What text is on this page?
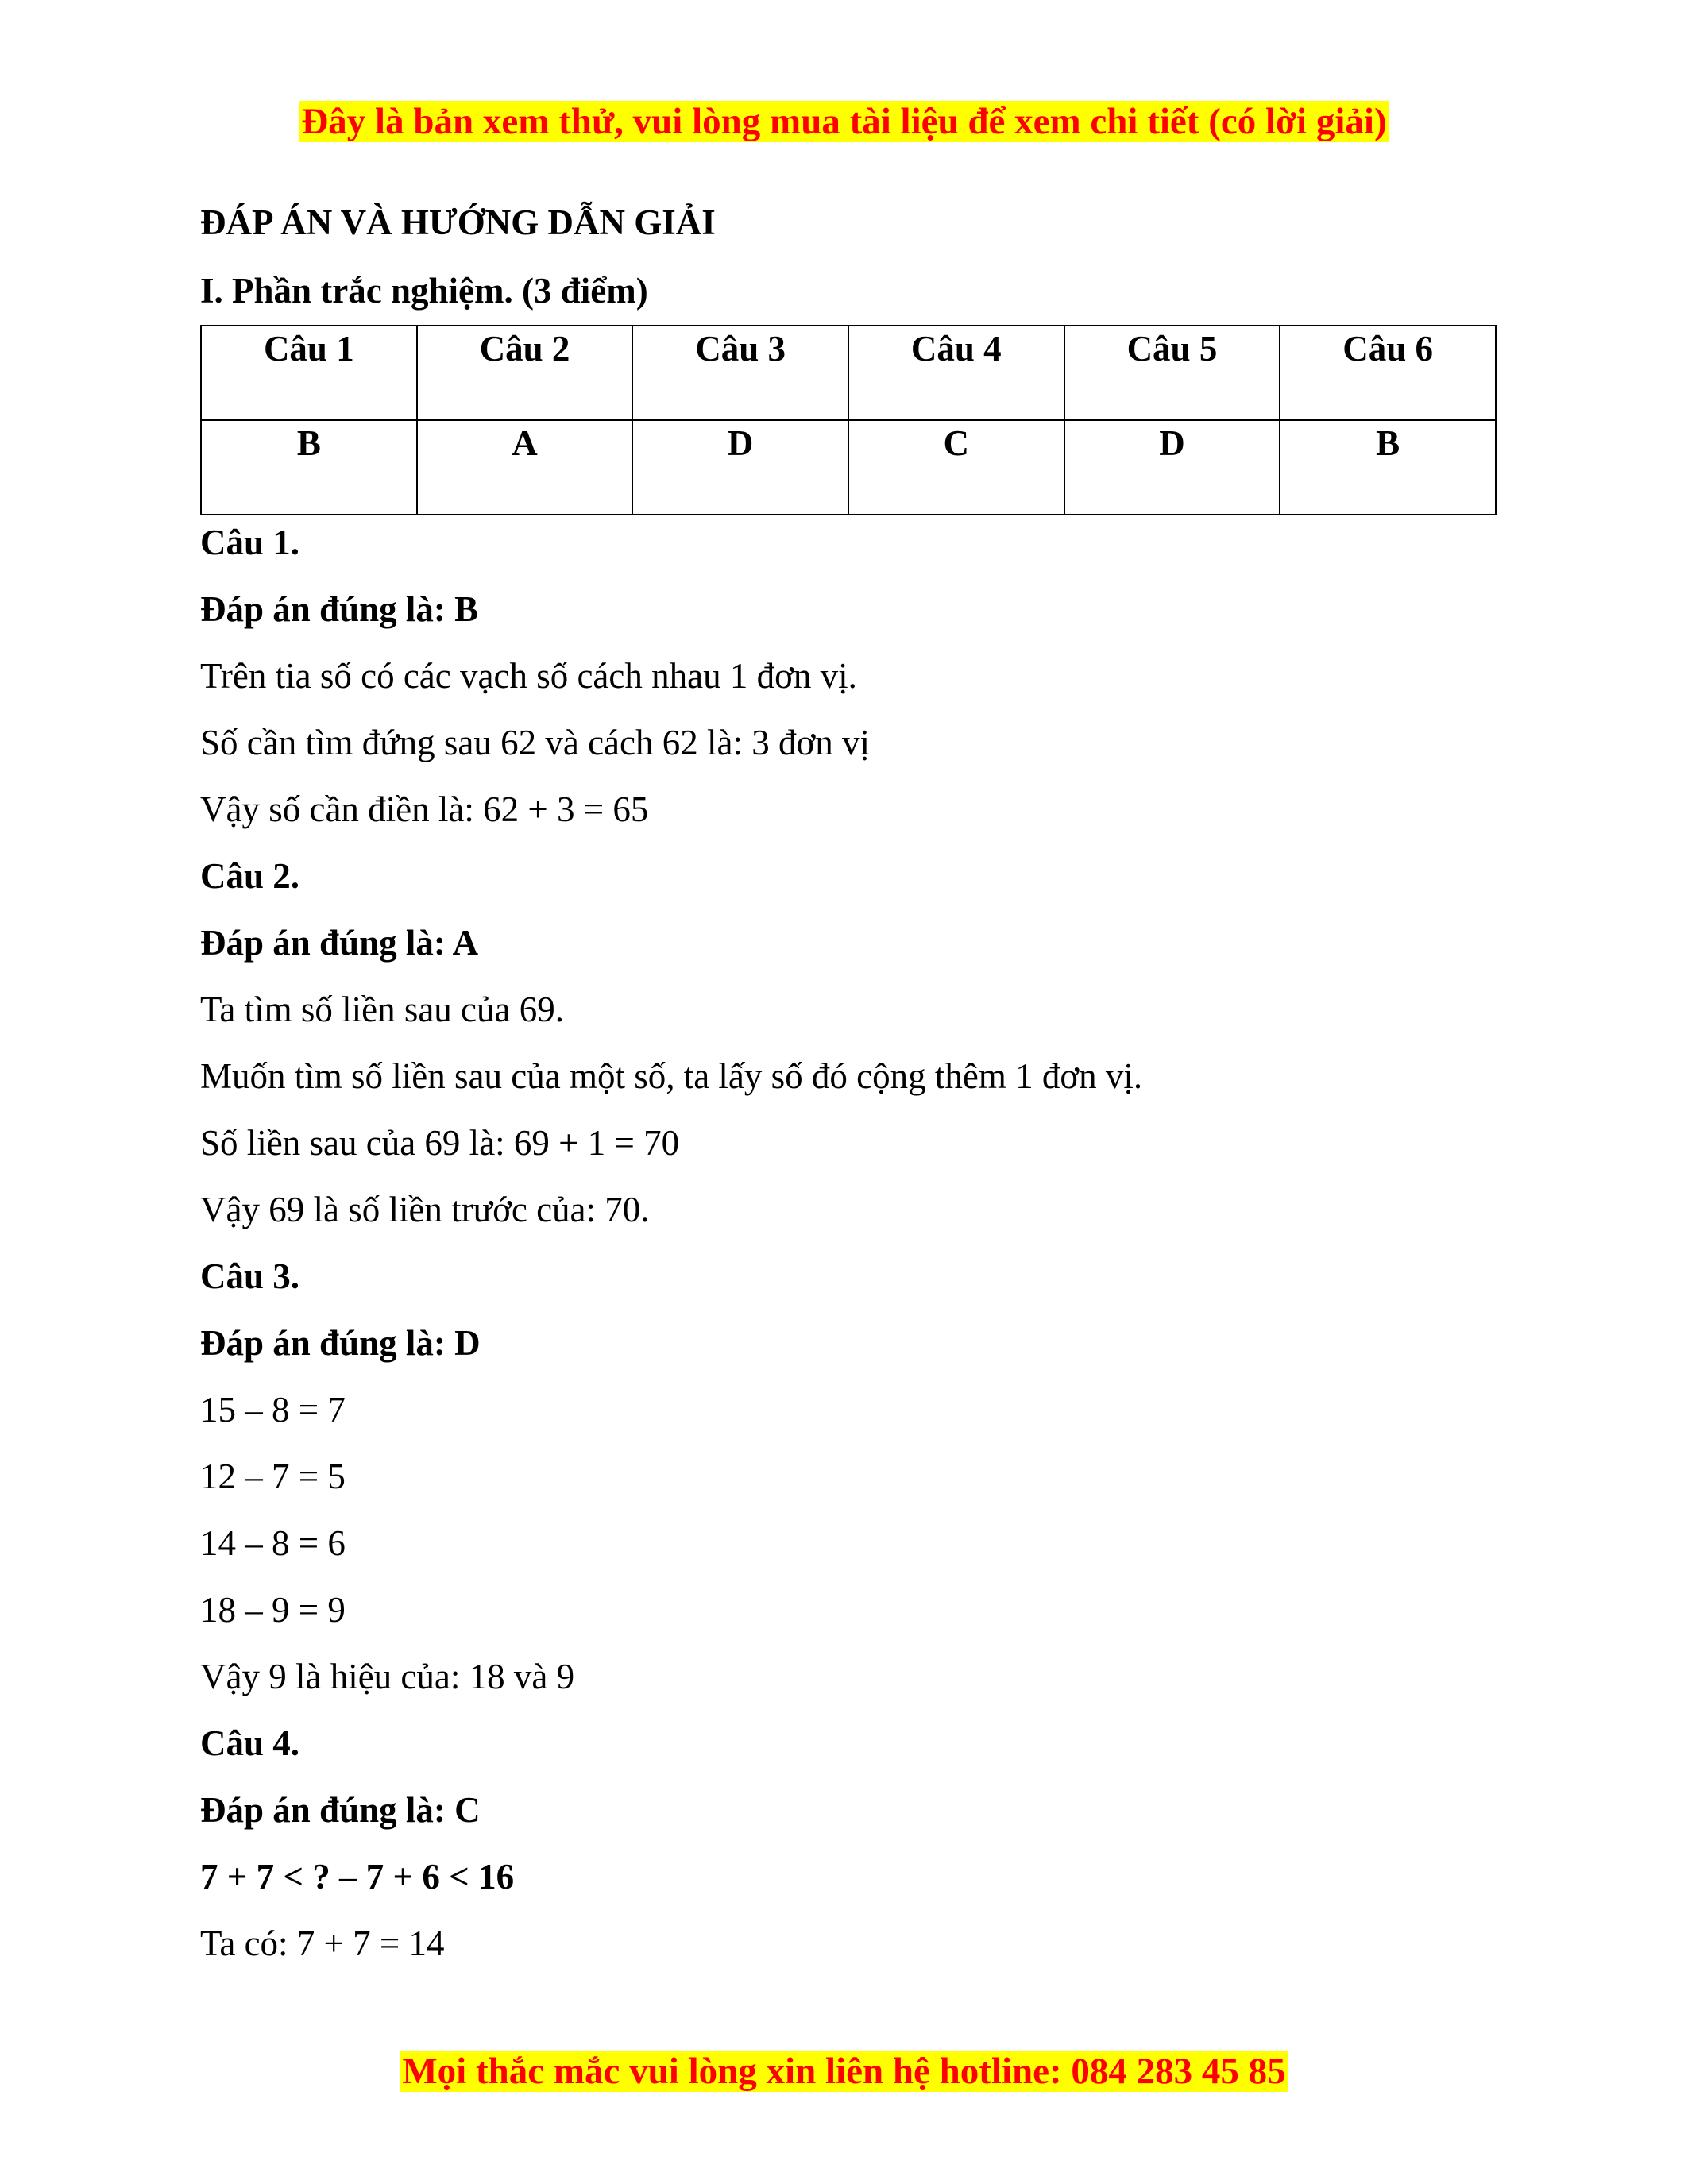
Đây là bản xem thử, vui lòng mua tài liệu để xem chi tiết (có lời giải)

ĐÁP ÁN VÀ HƯỚNG DẪN GIẢI

I. Phần trắc nghiệm. (3 điểm)

Câu 1	Câu 2	Câu 3	Câu 4	Câu 5	Câu 6
B	A	D	C	D	B

Câu 1.

Đáp án đúng là: B

Trên tia số có các vạch số cách nhau 1 đơn vị.

Số cần tìm đứng sau 62 và cách 62 là: 3 đơn vị

Vậy số cần điền là: 62 + 3 = 65

Câu 2.

Đáp án đúng là: A

Ta tìm số liền sau của 69.

Muốn tìm số liền sau của một số, ta lấy số đó cộng thêm 1 đơn vị.

Số liền sau của 69 là: 69 + 1 = 70

Vậy 69 là số liền trước của: 70.

Câu 3.

Đáp án đúng là: D

15 – 8 = 7

12 – 7 = 5

14 – 8 = 6

18 – 9 = 9

Vậy 9 là hiệu của: 18 và 9

Câu 4.

Đáp án đúng là: C

7 + 7 < ? – 7 + 6 < 16

Ta có: 7 + 7 = 14

Mọi thắc mắc vui lòng xin liên hệ hotline: 084 283 45 85
